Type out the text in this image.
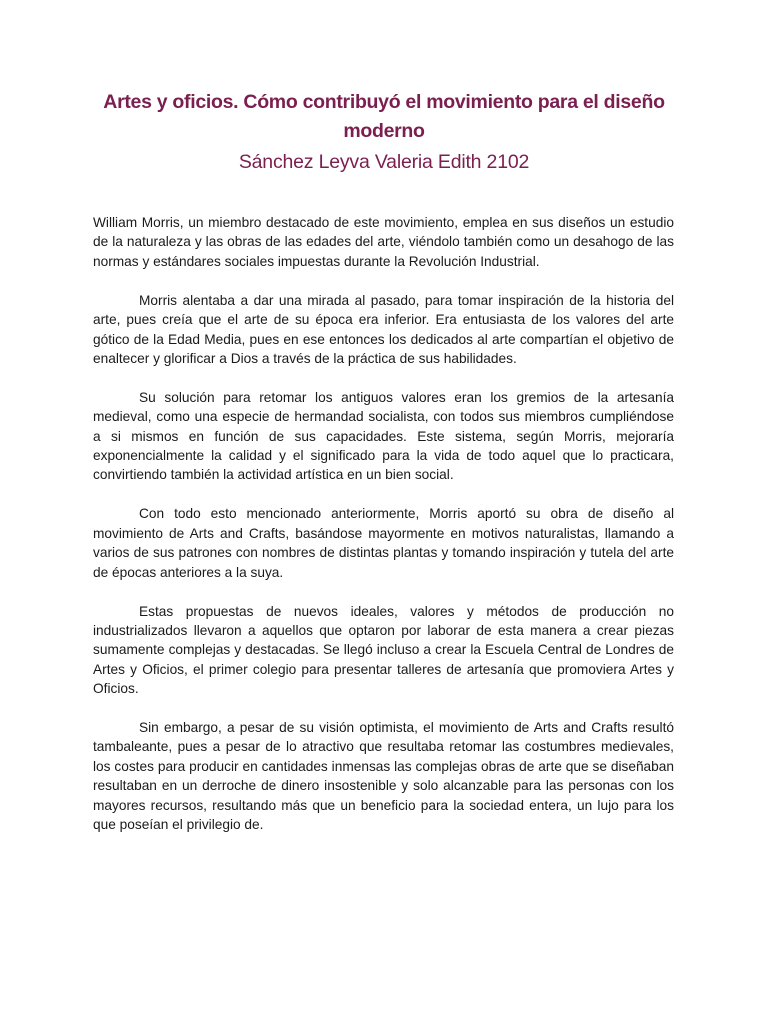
Artes y oficios. Cómo contribuyó el movimiento para el diseño moderno
Sánchez Leyva Valeria Edith 2102

William Morris, un miembro destacado de este movimiento, emplea en sus diseños un estudio de la naturaleza y las obras de las edades del arte, viéndolo también como un desahogo de las normas y estándares sociales impuestas durante la Revolución Industrial.

Morris alentaba a dar una mirada al pasado, para tomar inspiración de la historia del arte, pues creía que el arte de su época era inferior. Era entusiasta de los valores del arte gótico de la Edad Media, pues en ese entonces los dedicados al arte compartían el objetivo de enaltecer y glorificar a Dios a través de la práctica de sus habilidades.

Su solución para retomar los antiguos valores eran los gremios de la artesanía medieval, como una especie de hermandad socialista, con todos sus miembros cumpliéndose a si mismos en función de sus capacidades. Este sistema, según Morris, mejoraría exponencialmente la calidad y el significado para la vida de todo aquel que lo practicara, convirtiendo también la actividad artística en un bien social.

Con todo esto mencionado anteriormente, Morris aportó su obra de diseño al movimiento de Arts and Crafts, basándose mayormente en motivos naturalistas, llamando a varios de sus patrones con nombres de distintas plantas y tomando inspiración y tutela del arte de épocas anteriores a la suya.

Estas propuestas de nuevos ideales, valores y métodos de producción no industrializados llevaron a aquellos que optaron por laborar de esta manera a crear piezas sumamente complejas y destacadas. Se llegó incluso a crear la Escuela Central de Londres de Artes y Oficios, el primer colegio para presentar talleres de artesanía que promoviera Artes y Oficios.

Sin embargo, a pesar de su visión optimista, el movimiento de Arts and Crafts resultó tambaleante, pues a pesar de lo atractivo que resultaba retomar las costumbres medievales, los costes para producir en cantidades inmensas las complejas obras de arte que se diseñaban resultaban en un derroche de dinero insostenible y solo alcanzable para las personas con los mayores recursos, resultando más que un beneficio para la sociedad entera, un lujo para los que poseían el privilegio de.
